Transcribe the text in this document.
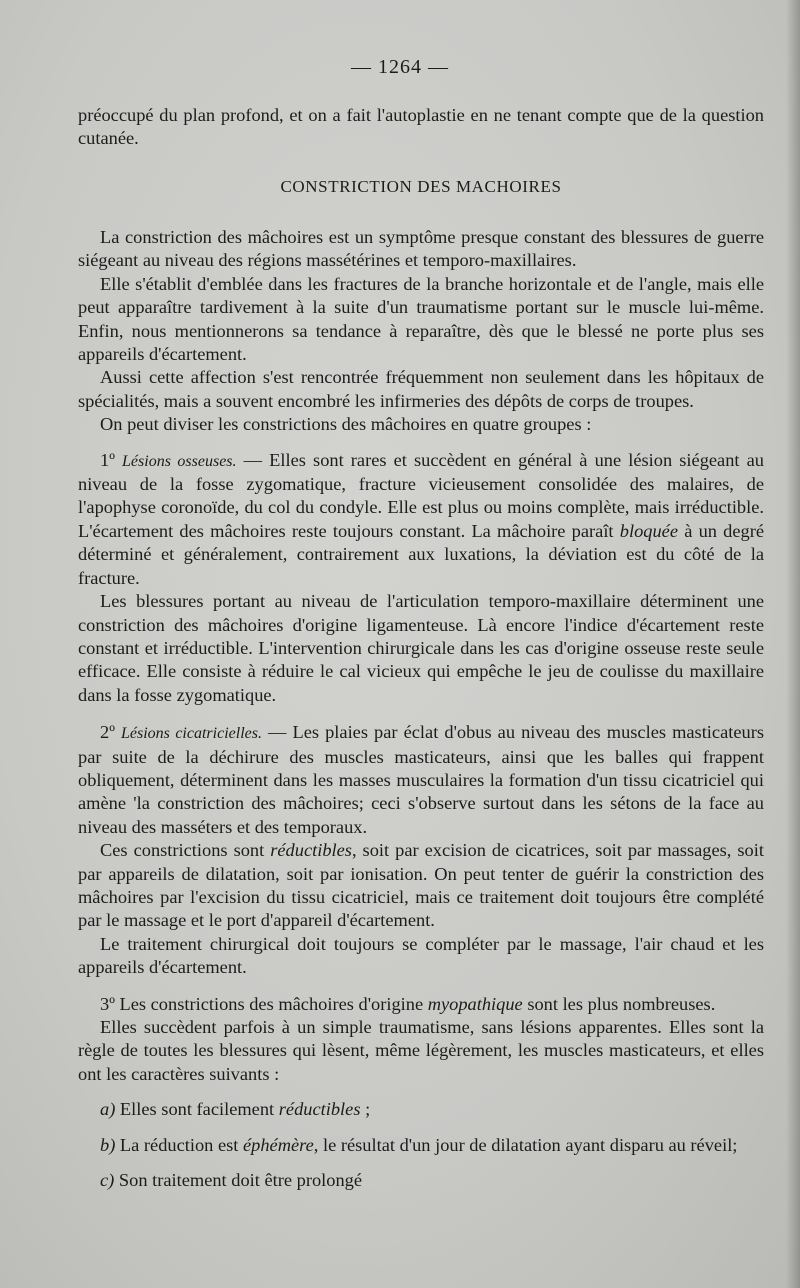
— 1264 —

préoccupé du plan profond, et on a fait l'autoplastie en ne tenant compte que de la question cutanée.

CONSTRICTION DES MACHOIRES

La constriction des mâchoires est un symptôme presque constant des blessures de guerre siégeant au niveau des régions massétérines et temporo-maxillaires.

Elle s'établit d'emblée dans les fractures de la branche horizontale et de l'angle, mais elle peut apparaître tardivement à la suite d'un traumatisme portant sur le muscle lui-même. Enfin, nous mentionnerons sa tendance à reparaître, dès que le blessé ne porte plus ses appareils d'écartement.

Aussi cette affection s'est rencontrée fréquemment non seulement dans les hôpitaux de spécialités, mais a souvent encombré les infirmeries des dépôts de corps de troupes.

On peut diviser les constrictions des mâchoires en quatre groupes :

1º Lésions osseuses. — Elles sont rares et succèdent en général à une lésion siégeant au niveau de la fosse zygomatique, fracture vicieusement consolidée des malaires, de l'apophyse coronoïde, du col du condyle. Elle est plus ou moins complète, mais irréductible. L'écartement des mâchoires reste toujours constant. La mâchoire paraît bloquée à un degré déterminé et généralement, contrairement aux luxations, la déviation est du côté de la fracture.

Les blessures portant au niveau de l'articulation temporo-maxillaire déterminent une constriction des mâchoires d'origine ligamenteuse. Là encore l'indice d'écartement reste constant et irréductible. L'intervention chirurgicale dans les cas d'origine osseuse reste seule efficace. Elle consiste à réduire le cal vicieux qui empêche le jeu de coulisse du maxillaire dans la fosse zygomatique.

2º Lésions cicatricielles. — Les plaies par éclat d'obus au niveau des muscles masticateurs par suite de la déchirure des muscles masticateurs, ainsi que les balles qui frappent obliquement, déterminent dans les masses musculaires la formation d'un tissu cicatriciel qui amène 'la constriction des mâchoires; ceci s'observe surtout dans les sétons de la face au niveau des masséters et des temporaux.

Ces constrictions sont réductibles, soit par excision de cicatrices, soit par massages, soit par appareils de dilatation, soit par ionisation. On peut tenter de guérir la constriction des mâchoires par l'excision du tissu cicatriciel, mais ce traitement doit toujours être complété par le massage et le port d'appareil d'écartement.

Le traitement chirurgical doit toujours se compléter par le massage, l'air chaud et les appareils d'écartement.

3º Les constrictions des mâchoires d'origine myopathique sont les plus nombreuses.

Elles succèdent parfois à un simple traumatisme, sans lésions apparentes. Elles sont la règle de toutes les blessures qui lèsent, même légèrement, les muscles masticateurs, et elles ont les caractères suivants :

a) Elles sont facilement réductibles ;

b) La réduction est éphémère, le résultat d'un jour de dilatation ayant disparu au réveil;

c) Son traitement doit être prolongé
